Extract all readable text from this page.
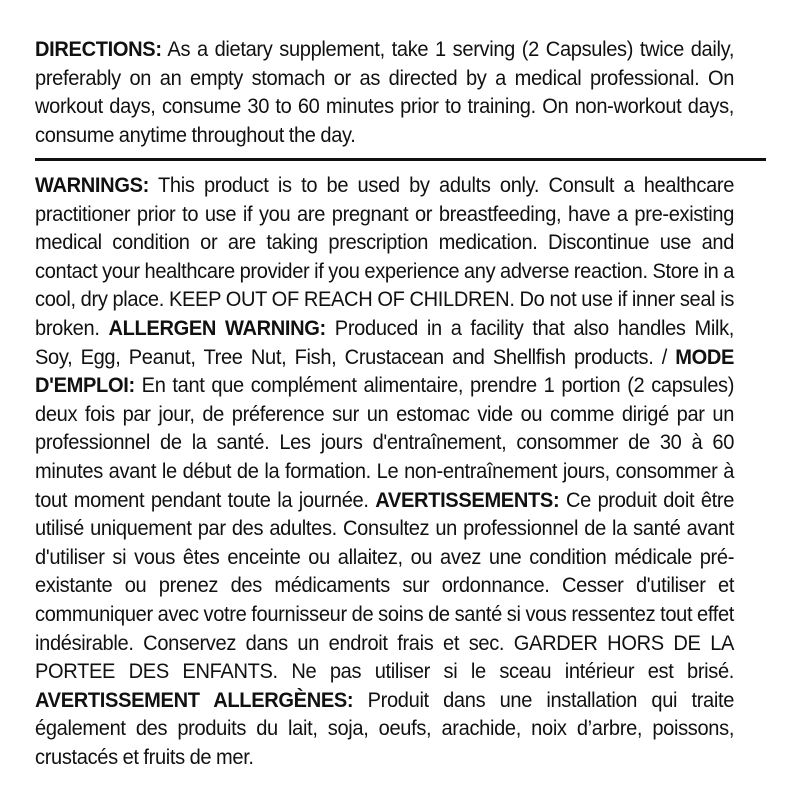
DIRECTIONS: As a dietary supplement, take 1 serving (2 Capsules) twice daily, preferably on an empty stomach or as directed by a medical professional. On workout days, consume 30 to 60 minutes prior to training. On non-workout days, consume anytime throughout the day.

WARNINGS: This product is to be used by adults only. Consult a healthcare practitioner prior to use if you are pregnant or breastfeeding, have a pre-existing medical condition or are taking prescription medication. Discontinue use and contact your healthcare provider if you experience any adverse reaction. Store in a cool, dry place. KEEP OUT OF REACH OF CHILDREN. Do not use if inner seal is broken. ALLERGEN WARNING: Produced in a facility that also handles Milk, Soy, Egg, Peanut, Tree Nut, Fish, Crustacean and Shellfish products. / MODE D'EMPLOI: En tant que complément alimentaire, prendre 1 portion (2 capsules) deux fois par jour, de préference sur un estomac vide ou comme dirigé par un professionnel de la santé. Les jours d'entraînement, consommer de 30 à 60 minutes avant le début de la formation. Le non-entraînement jours, consommer à tout moment pendant toute la journée. AVERTISSEMENTS: Ce produit doit être utilisé uniquement par des adultes. Consultez un professionnel de la santé avant d'utiliser si vous êtes enceinte ou allaitez, ou avez une condition médicale pré- existante ou prenez des médicaments sur ordonnance. Cesser d'utiliser et communiquer avec votre fournisseur de soins de santé si vous ressentez tout effet indésirable. Conservez dans un endroit frais et sec. GARDER HORS DE LA PORTEE DES ENFANTS. Ne pas utiliser si le sceau intérieur est brisé. AVERTISSEMENT ALLERGÈNES: Produit dans une installation qui traite également des produits du lait, soja, oeufs, arachide, noix d’arbre, poissons, crustacés et fruits de mer.
